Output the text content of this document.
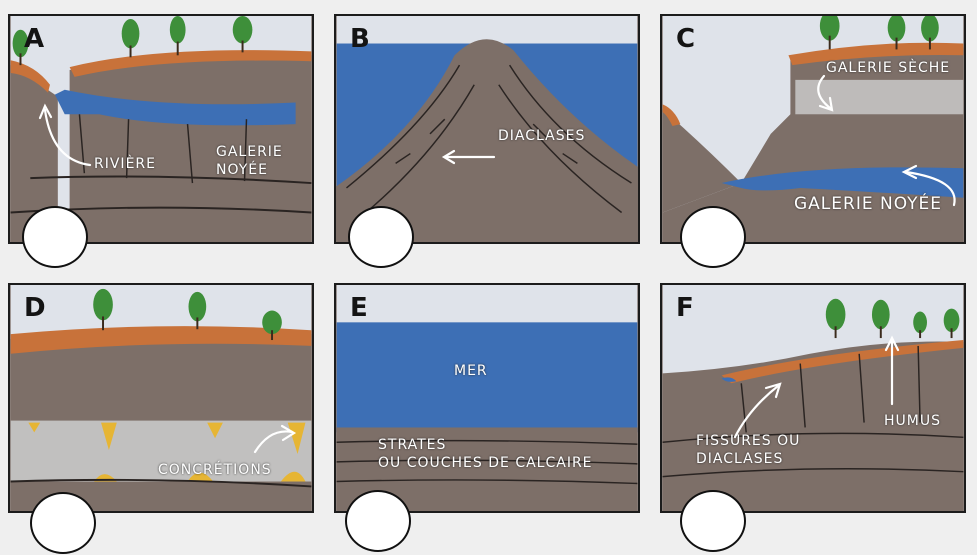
A
RIVIÈRE
GALERIE
NOYÉE
B
DIACLASES
C
GALERIE SÈCHE
GALERIE NOYÉE
D
CONCRÉTIONS
E
MER
STRATES
OU COUCHES DE CALCAIRE
F
FISSURES OU
DIACLASES
HUMUS
